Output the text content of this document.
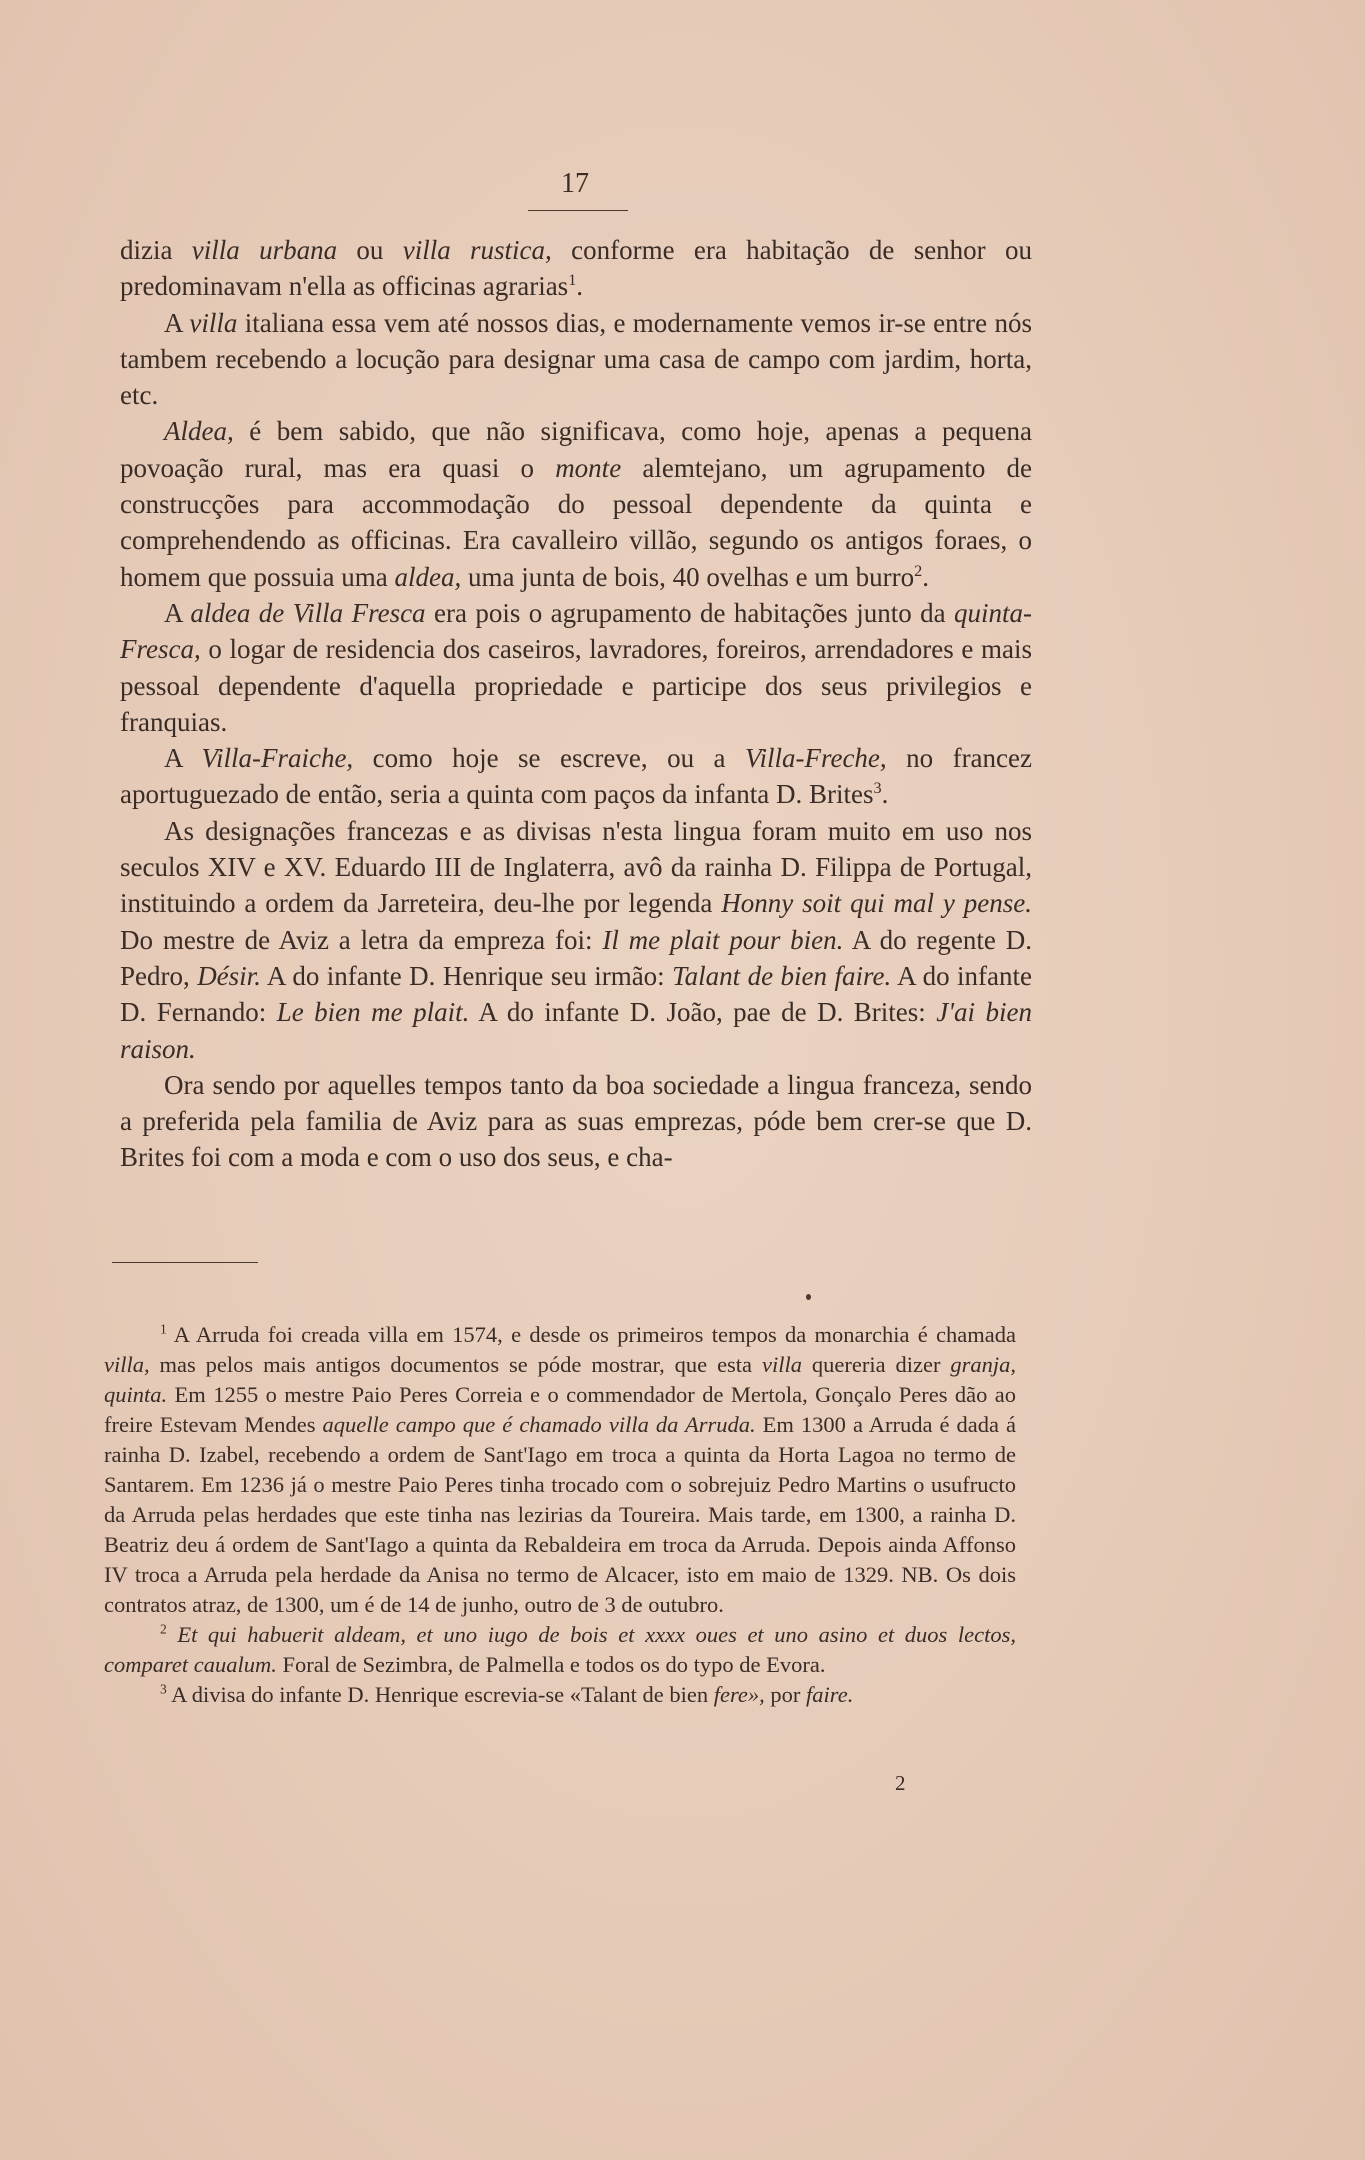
17

dizia villa urbana ou villa rustica, conforme era habitação de senhor ou predominavam n'ella as officinas agrarias$^1$.

A villa italiana essa vem até nossos dias, e modernamente vemos ir-se entre nós tambem recebendo a locução para designar uma casa de campo com jardim, horta, etc.

Aldea, é bem sabido, que não significava, como hoje, apenas a pequena povoação rural, mas era quasi o monte alemtejano, um agrupamento de construcções para accommodação do pessoal dependente da quinta e comprehendendo as officinas. Era cavalleiro villão, segundo os antigos foraes, o homem que possuia uma aldea, uma junta de bois, 40 ovelhas e um burro$^2$.

A aldea de Villa Fresca era pois o agrupamento de habitações junto da quinta-Fresca, o logar de residencia dos caseiros, lavradores, foreiros, arrendadores e mais pessoal dependente d'aquella propriedade e participe dos seus privilegios e franquias.

A Villa-Fraiche, como hoje se escreve, ou a Villa-Freche, no francez aportuguezado de então, seria a quinta com paços da infanta D. Brites$^3$.

As designações francezas e as divisas n'esta lingua foram muito em uso nos seculos XIV e XV. Eduardo III de Inglaterra, avô da rainha D. Filippa de Portugal, instituindo a ordem da Jarreteira, deu-lhe por legenda Honny soit qui mal y pense. Do mestre de Aviz a letra da empreza foi: Il me plait pour bien. A do regente D. Pedro, Désir. A do infante D. Henrique seu irmão: Talant de bien faire. A do infante D. Fernando: Le bien me plait. A do infante D. João, pae de D. Brites: J'ai bien raison.

Ora sendo por aquelles tempos tanto da boa sociedade a lingua franceza, sendo a preferida pela familia de Aviz para as suas emprezas, póde bem crer-se que D. Brites foi com a moda e com o uso dos seus, e cha-

$^1$ A Arruda foi creada villa em 1574, e desde os primeiros tempos da monarchia é chamada villa, mas pelos mais antigos documentos se póde mostrar, que esta villa quereria dizer granja, quinta. Em 1255 o mestre Paio Peres Correia e o commendador de Mertola, Gonçalo Peres dão ao freire Estevam Mendes aquelle campo que é chamado villa da Arruda. Em 1300 a Arruda é dada á rainha D. Izabel, recebendo a ordem de Sant'Iago em troca a quinta da Horta Lagoa no termo de Santarem. Em 1236 já o mestre Paio Peres tinha trocado com o sobrejuiz Pedro Martins o usufructo da Arruda pelas herdades que este tinha nas lezirias da Toureira. Mais tarde, em 1300, a rainha D. Beatriz deu á ordem de Sant'Iago a quinta da Rebaldeira em troca da Arruda. Depois ainda Affonso IV troca a Arruda pela herdade da Anisa no termo de Alcacer, isto em maio de 1329. NB. Os dois contratos atraz, de 1300, um é de 14 de junho, outro de 3 de outubro.

$^2$ Et qui habuerit aldeam, et uno iugo de bois et xxxx oues et uno asino et duos lectos, comparet caualum. Foral de Sezimbra, de Palmella e todos os do typo de Evora.

$^3$ A divisa do infante D. Henrique escrevia-se «Talant de bien fere», por faire.

2
